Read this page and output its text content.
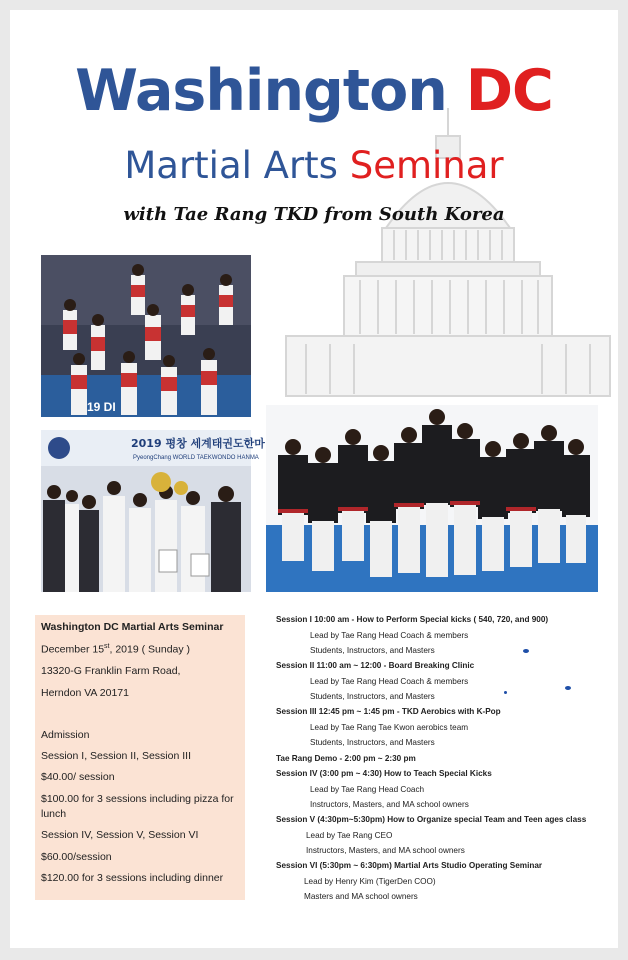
Washington DC
Martial Arts Seminar
with Tae Rang TKD from South Korea
19 DI
2019 평창 세계태권도한마
PyeongChang WORLD TAEKWONDO HANMA
Washington DC Martial Arts Seminar
December 15st, 2019 ( Sunday )
13320-G Franklin Farm Road,
Herndon VA 20171
Admission
Session I, Session II, Session III
$40.00/ session
$100.00 for 3 sessions including pizza for
lunch
Session IV, Session V, Session VI
$60.00/session
$120.00 for 3 sessions including dinner
Session I 10:00 am - How to Perform Special kicks ( 540, 720, and 900)
Lead by Tae Rang Head Coach & members
Students, Instructors, and Masters
Session II 11:00 am ~ 12:00 - Board Breaking Clinic
Lead by Tae Rang Head Coach & members
Students, Instructors, and Masters
Session III 12:45 pm ~ 1:45 pm - TKD Aerobics with K-Pop
Lead by Tae Rang Tae Kwon aerobics team
Students, Instructors, and Masters
Tae Rang Demo - 2:00 pm ~ 2:30 pm
Session IV (3:00 pm ~ 4:30) How to Teach Special Kicks
Lead by Tae Rang Head Coach
Instructors, Masters, and MA school owners
Session V (4:30pm~5:30pm) How to Organize special Team and Teen ages class
Lead by Tae Rang CEO
Instructors, Masters, and MA school owners
Session VI (5:30pm ~ 6:30pm) Martial Arts Studio Operating Seminar
Lead by Henry Kim (TigerDen COO)
Masters and MA school owners
